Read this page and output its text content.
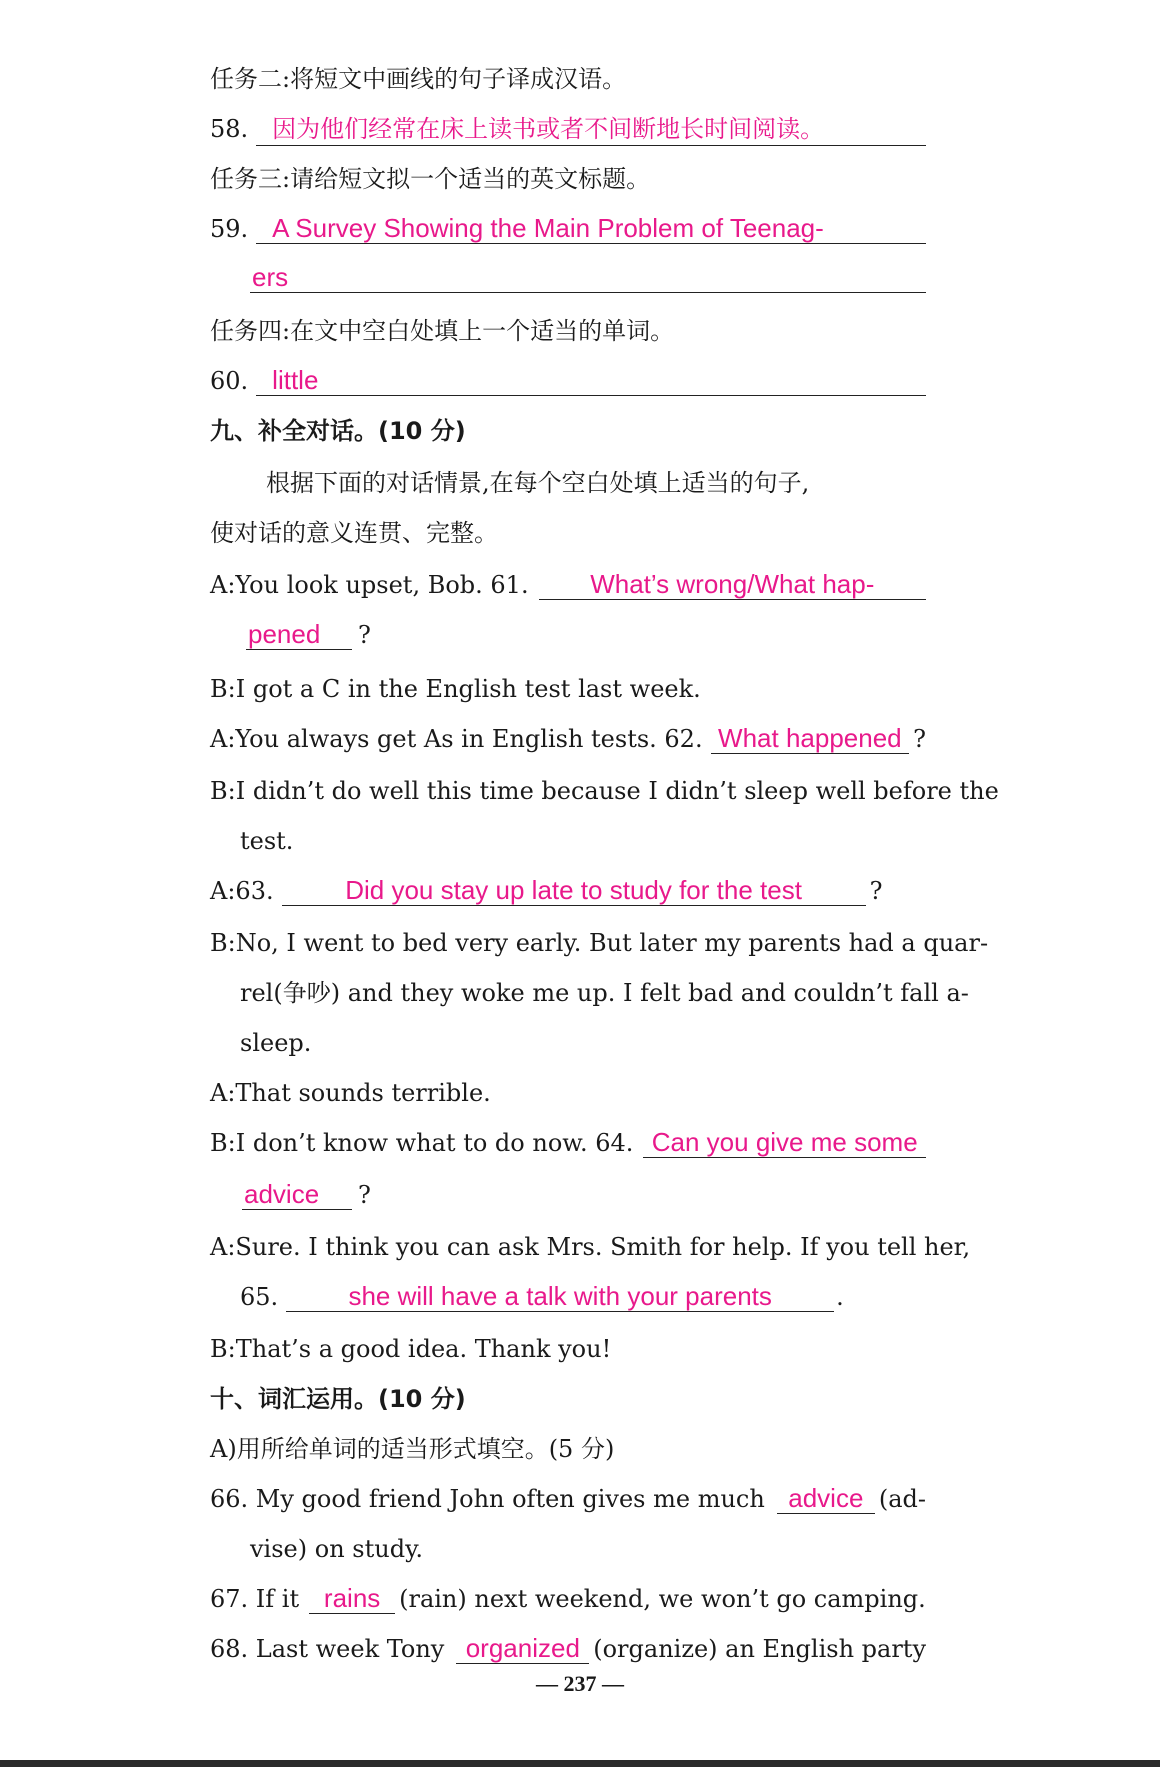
任务二:将短文中画线的句子译成汉语。
58.	因为他们经常在床上读书或者不间断地长时间阅读。
任务三:请给短文拟一个适当的英文标题。
59. A Survey Showing the Main Problem of Teenag-
ers
任务四:在文中空白处填上一个适当的单词。
60. little
九、补全对话。(10 分)
根据下面的对话情景,在每个空白处填上适当的句子,
使对话的意义连贯、完整。
A:You look upset, Bob. 61.	What’s wrong/What hap-
pened	?
B:I got a C in the English test last week.
A:You always get As in English tests. 62. What happened ?
B:I didn’t do well this time because I didn’t sleep well before the
test.
A:63.	Did you stay up late to study for the test	?
B:No, I went to bed very early. But later my parents had a quar-
rel(争吵) and they woke me up. I felt bad and couldn’t fall a-
sleep.
A:That sounds terrible.
B:I don’t know what to do now. 64. Can you give me some
advice	?
A:Sure. I think you can ask Mrs. Smith for help. If you tell her,
65.	she will have a talk with your parents	.
B:That’s a good idea. Thank you!
十、词汇运用。(10 分)
A)用所给单词的适当形式填空。(5 分)
66. My good friend John often gives me much advice (ad-
vise) on study.
67. If it rains (rain) next weekend, we won’t go camping.
68. Last week Tony organized (organize) an English party
— 237 —
